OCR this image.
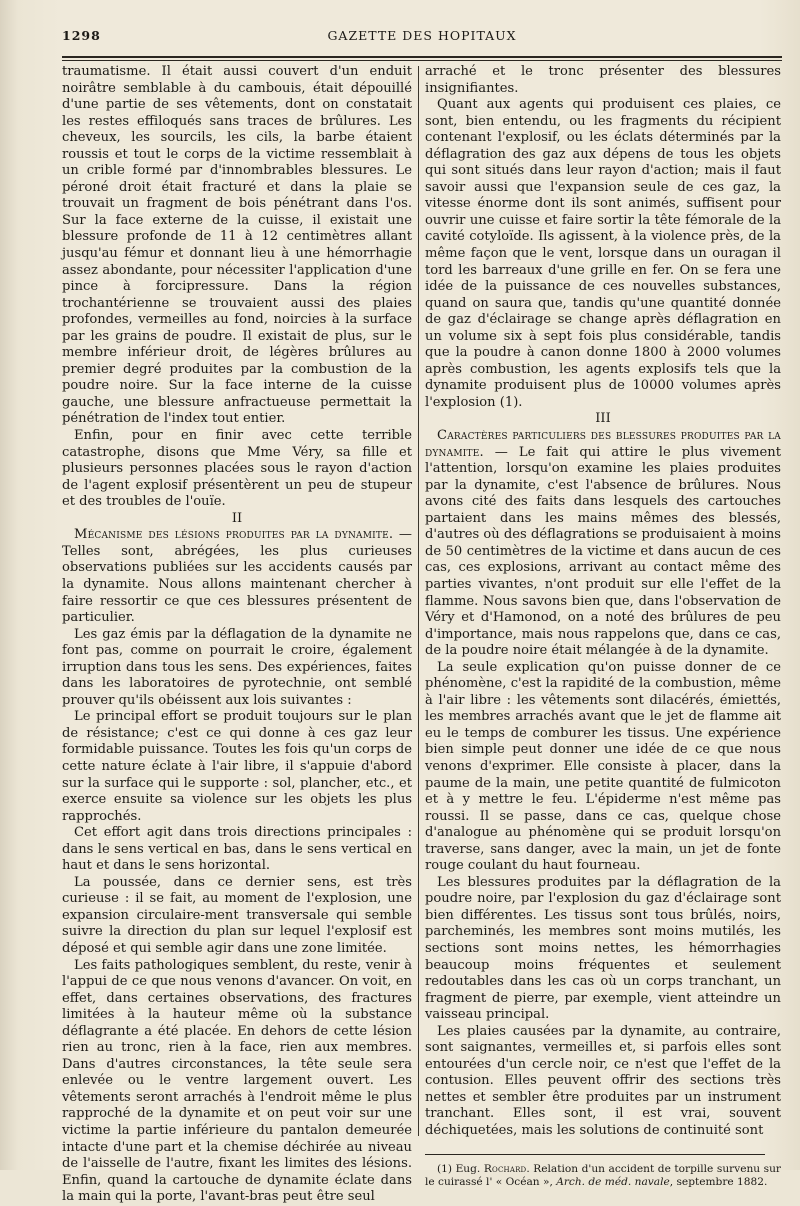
1298	GAZETTE DES HOPITAUX

traumatisme. Il était aussi couvert d'un enduit noirâtre semblable à du cambouis, était dépouillé d'une partie de ses vêtements, dont on constatait les restes effiloqués sans traces de brûlures. Les cheveux, les sourcils, les cils, la barbe étaient roussis et tout le corps de la victime ressemblait à un crible formé par d'innombrables blessures. Le péroné droit était fracturé et dans la plaie se trouvait un fragment de bois pénétrant dans l'os. Sur la face externe de la cuisse, il existait une blessure profonde de 11 à 12 centimètres allant jusqu'au fémur et donnant lieu à une hémorrhagie assez abondante, pour nécessiter l'application d'une pince à forcipressure. Dans la région trochantérienne se trouvaient aussi des plaies profondes, vermeilles au fond, noircies à la surface par les grains de poudre. Il existait de plus, sur le membre inférieur droit, de légères brûlures au premier degré produites par la combustion de la poudre noire. Sur la face interne de la cuisse gauche, une blessure anfractueuse permettait la pénétration de l'index tout entier.

Enfin, pour en finir avec cette terrible catastrophe, disons que Mme Véry, sa fille et plusieurs personnes placées sous le rayon d'action de l'agent explosif présentèrent un peu de stupeur et des troubles de l'ouïe.

II

Mécanisme des lésions produites par la dynamite. — Telles sont, abrégées, les plus curieuses observations publiées sur les accidents causés par la dynamite. Nous allons maintenant chercher à faire ressortir ce que ces blessures présentent de particulier.

Les gaz émis par la déflagation de la dynamite ne font pas, comme on pourrait le croire, également irruption dans tous les sens. Des expériences, faites dans les laboratoires de pyrotechnie, ont semblé prouver qu'ils obéissent aux lois suivantes :

Le principal effort se produit toujours sur le plan de résistance; c'est ce qui donne à ces gaz leur formidable puissance. Toutes les fois qu'un corps de cette nature éclate à l'air libre, il s'appuie d'abord sur la surface qui le supporte : sol, plancher, etc., et exerce ensuite sa violence sur les objets les plus rapprochés.

Cet effort agit dans trois directions principales : dans le sens vertical en bas, dans le sens vertical en haut et dans le sens horizontal.

La poussée, dans ce dernier sens, est très curieuse : il se fait, au moment de l'explosion, une expansion circulaire-ment transversale qui semble suivre la direction du plan sur lequel l'explosif est déposé et qui semble agir dans une zone limitée.

Les faits pathologiques semblent, du reste, venir à l'appui de ce que nous venons d'avancer. On voit, en effet, dans certaines observations, des fractures limitées à la hauteur même où la substance déflagrante a été placée. En dehors de cette lésion rien au tronc, rien à la face, rien aux membres. Dans d'autres circonstances, la tête seule sera enlevée ou le ventre largement ouvert. Les vêtements seront arrachés à l'endroit même le plus rapproché de la dynamite et on peut voir sur une victime la partie inférieure du pantalon demeurée intacte d'une part et la chemise déchirée au niveau de l'aisselle de l'autre, fixant les limites des lésions. Enfin, quand la cartouche de dynamite éclate dans la main qui la porte, l'avant-bras peut être seul

arraché et le tronc présenter des blessures insignifiantes.

Quant aux agents qui produisent ces plaies, ce sont, bien entendu, ou les fragments du récipient contenant l'explosif, ou les éclats déterminés par la déflagration des gaz aux dépens de tous les objets qui sont situés dans leur rayon d'action; mais il faut savoir aussi que l'expansion seule de ces gaz, la vitesse énorme dont ils sont animés, suffisent pour ouvrir une cuisse et faire sortir la tête fémorale de la cavité cotyloïde. Ils agissent, à la violence près, de la même façon que le vent, lorsque dans un ouragan il tord les barreaux d'une grille en fer. On se fera une idée de la puissance de ces nouvelles substances, quand on saura que, tandis qu'une quantité donnée de gaz d'éclairage se change après déflagration en un volume six à sept fois plus considérable, tandis que la poudre à canon donne 1800 à 2000 volumes après combustion, les agents explosifs tels que la dynamite produisent plus de 10000 volumes après l'explosion (1).

III

Caractères particuliers des blessures produites par la dynamite. — Le fait qui attire le plus vivement l'attention, lorsqu'on examine les plaies produites par la dynamite, c'est l'absence de brûlures. Nous avons cité des faits dans lesquels des cartouches partaient dans les mains mêmes des blessés, d'autres où des déflagrations se produisaient à moins de 50 centimètres de la victime et dans aucun de ces cas, ces explosions, arrivant au contact même des parties vivantes, n'ont produit sur elle l'effet de la flamme. Nous savons bien que, dans l'observation de Véry et d'Hamonod, on a noté des brûlures de peu d'importance, mais nous rappelons que, dans ce cas, de la poudre noire était mélangée à de la dynamite.

La seule explication qu'on puisse donner de ce phénomène, c'est la rapidité de la combustion, même à l'air libre : les vêtements sont dilacérés, émiettés, les membres arrachés avant que le jet de flamme ait eu le temps de comburer les tissus. Une expérience bien simple peut donner une idée de ce que nous venons d'exprimer. Elle consiste à placer, dans la paume de la main, une petite quantité de fulmicoton et à y mettre le feu. L'épiderme n'est même pas roussi. Il se passe, dans ce cas, quelque chose d'analogue au phénomène qui se produit lorsqu'on traverse, sans danger, avec la main, un jet de fonte rouge coulant du haut fourneau.

Les blessures produites par la déflagration de la poudre noire, par l'explosion du gaz d'éclairage sont bien différentes. Les tissus sont tous brûlés, noirs, parcheminés, les membres sont moins mutilés, les sections sont moins nettes, les hémorrhagies beaucoup moins fréquentes et seulement redoutables dans les cas où un corps tranchant, un fragment de pierre, par exemple, vient atteindre un vaisseau principal.

Les plaies causées par la dynamite, au contraire, sont saignantes, vermeilles et, si parfois elles sont entourées d'un cercle noir, ce n'est que l'effet de la contusion. Elles peuvent offrir des sections très nettes et sembler être produites par un instrument tranchant. Elles sont, il est vrai, souvent déchiquetées, mais les solutions de continuité sont

(1) Eug. Rochard. Relation d'un accident de torpille survenu sur le cuirassé l' « Océan », Arch. de méd. navale, septembre 1882.
